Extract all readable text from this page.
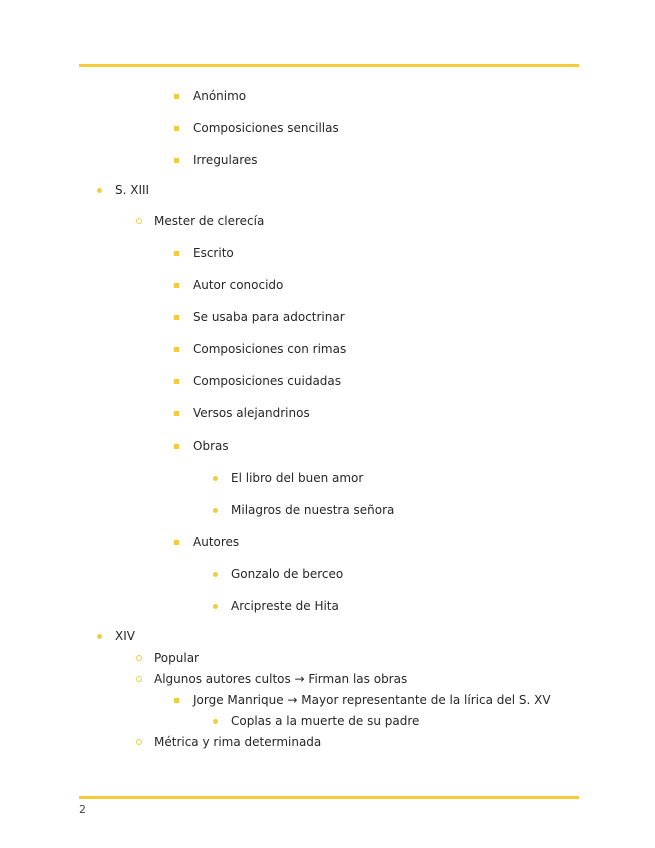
Anónimo
Composiciones sencillas
Irregulares
S. XIII
Mester de clerecía
Escrito
Autor conocido
Se usaba para adoctrinar
Composiciones con rimas
Composiciones cuidadas
Versos alejandrinos
Obras
El libro del buen amor
Milagros de nuestra señora
Autores
Gonzalo de berceo
Arcipreste de Hita
XIV
Popular
Algunos autores cultos → Firman las obras
Jorge Manrique → Mayor representante de la lírica del S. XV
Coplas a la muerte de su padre
Métrica y rima determinada
2
